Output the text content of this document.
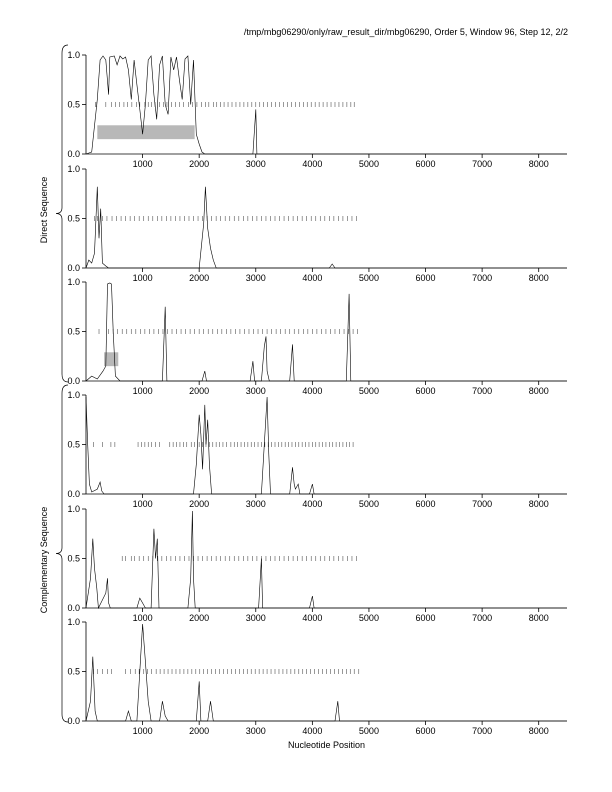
/tmp/mbg06290/only/raw_result_dir/mbg06290, Order 5, Window 96, Step 12, 2/2
0.0
0.5
1.0
1000	2000	3000	4000	5000	6000	7000	8000
0.0
0.5
1.0
1000	2000	3000	4000	5000	6000	7000	8000
0.0
0.5
1.0
1000	2000	3000	4000	5000	6000	7000	8000
0.0
0.5
1.0
1000	2000	3000	4000	5000	6000	7000	8000
0.0
0.5
1.0
1000	2000	3000	4000	5000	6000	7000	8000
0.0
0.5
1.0
1000	2000	3000	4000	5000	6000	7000	8000
Direct Sequence
Complementary Sequence
Nucleotide Position
